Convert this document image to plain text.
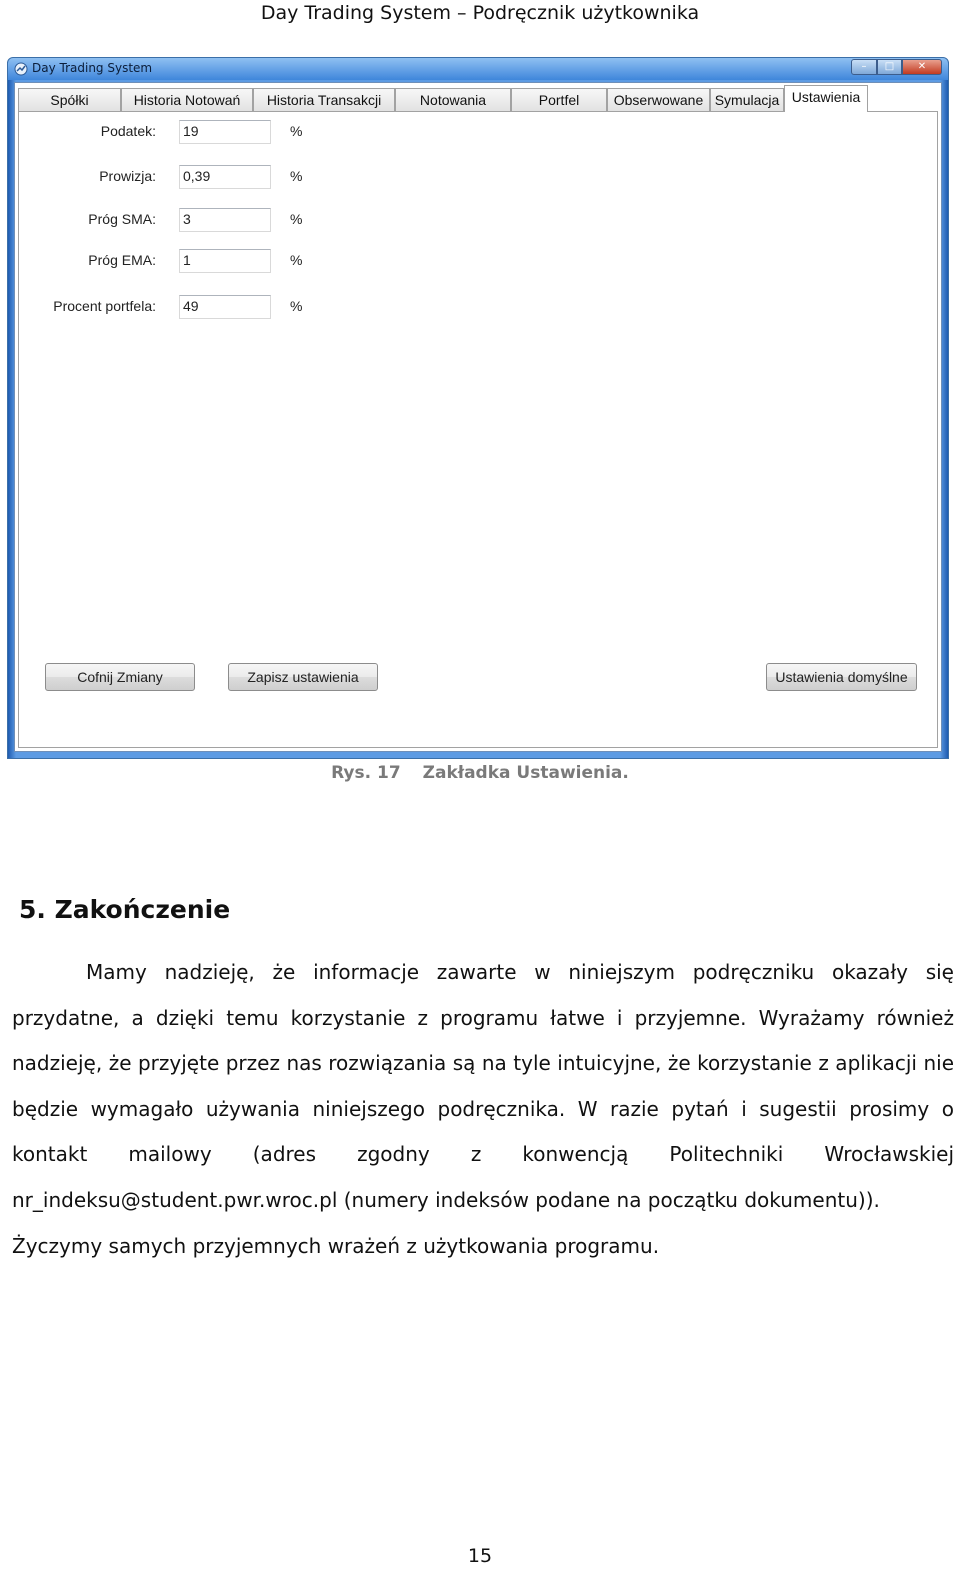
Day Trading System – Podręcznik użytkownika
Day Trading System	–	□	✕
Spółki	Historia Notowań	Historia Transakcji	Notowania	Portfel	Obserwowane Symulacja Ustawienia
Podatek: 19	%
Prowizja: 0,39	%
Próg SMA: 3	%
Próg EMA: 1	%
Procent portfela: 49	%
Cofnij Zmiany	Zapisz ustawienia	Ustawienia domyślne
Rys. 17 Zakładka Ustawienia.
5. Zakończenie

Mamy nadzieję, że informacje zawarte w niniejszym podręczniku okazały się przydatne, a dzięki temu korzystanie z programu łatwe i przyjemne. Wyrażamy również nadzieję, że przyjęte przez nas rozwiązania są na tyle intuicyjne, że korzystanie z aplikacji nie będzie wymagało używania niniejszego podręcznika. W razie pytań i sugestii prosimy o kontakt mailowy (adres zgodny z konwencją Politechniki Wrocławskiej nr_indeksu@student.pwr.wroc.pl (numery indeksów podane na początku dokumentu)).

Życzymy samych przyjemnych wrażeń z użytkowania programu.
15
